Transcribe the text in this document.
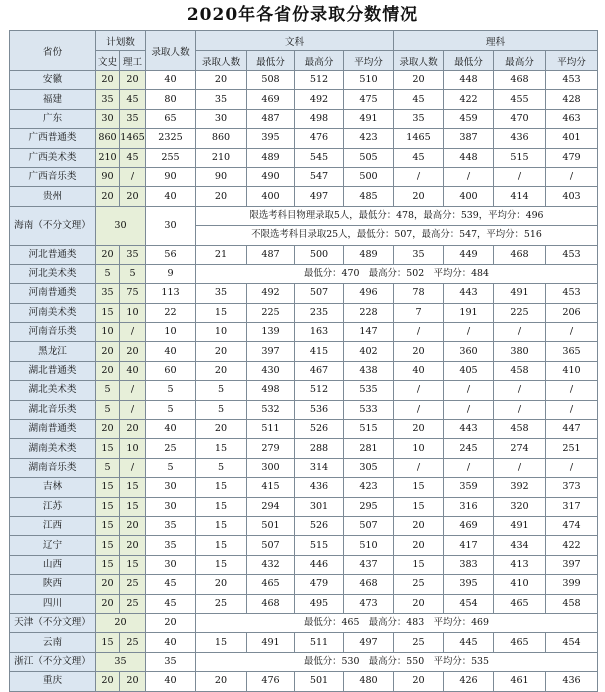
2020年各省份录取分数情况
省份	计划数		录取人数	文科				理科			
	文史	理工		录取人数	最低分	最高分	平均分	录取人数	最低分	最高分	平均分
安徽	20	20	40	20	508	512	510	20	448	468	453
福建	35	45	80	35	469	492	475	45	422	455	428
广东	30	35	65	30	487	498	491	35	459	470	463
广西普通类	860	1465	2325	860	395	476	423	1465	387	436	401
广西美术类	210	45	255	210	489	545	505	45	448	515	479
广西音乐类	90	/	90	90	490	547	500	/	/	/	/
贵州	20	20	40	20	400	497	485	20	400	414	403
海南（不分文理）	30		30	限选考科目物理录取5人，最低分：478，最高分：539，平均分：496							
				不限选考科目录取25人，最低分：507，最高分：547，平均分：516							
河北普通类	20	35	56	21	487	500	489	35	449	468	453
河北美术类	5	5	9	最低分：470　最高分：502　平均分：484							
河南普通类	35	75	113	35	492	507	496	78	443	491	453
河南美术类	15	10	22	15	225	235	228	7	191	225	206
河南音乐类	10	/	10	10	139	163	147	/	/	/	/
黑龙江	20	20	40	20	397	415	402	20	360	380	365
湖北普通类	20	40	60	20	430	467	438	40	405	458	410
湖北美术类	5	/	5	5	498	512	535	/	/	/	/
湖北音乐类	5	/	5	5	532	536	533	/	/	/	/
湖南普通类	20	20	40	20	511	526	515	20	443	458	447
湖南美术类	15	10	25	15	279	288	281	10	245	274	251
湖南音乐类	5	/	5	5	300	314	305	/	/	/	/
吉林	15	15	30	15	415	436	423	15	359	392	373
江苏	15	15	30	15	294	301	295	15	316	320	317
江西	15	20	35	15	501	526	507	20	469	491	474
辽宁	15	20	35	15	507	515	510	20	417	434	422
山西	15	15	30	15	432	446	437	15	383	413	397
陕西	20	25	45	20	465	479	468	25	395	410	399
四川	20	25	45	25	468	495	473	20	454	465	458
天津（不分文理）	20		20	最低分：465　最高分：483　平均分：469							
云南	15	25	40	15	491	511	497	25	445	465	454
浙江（不分文理）	35		35	最低分：530　最高分：550　平均分：535							
重庆	20	20	40	20	476	501	480	20	426	461	436
